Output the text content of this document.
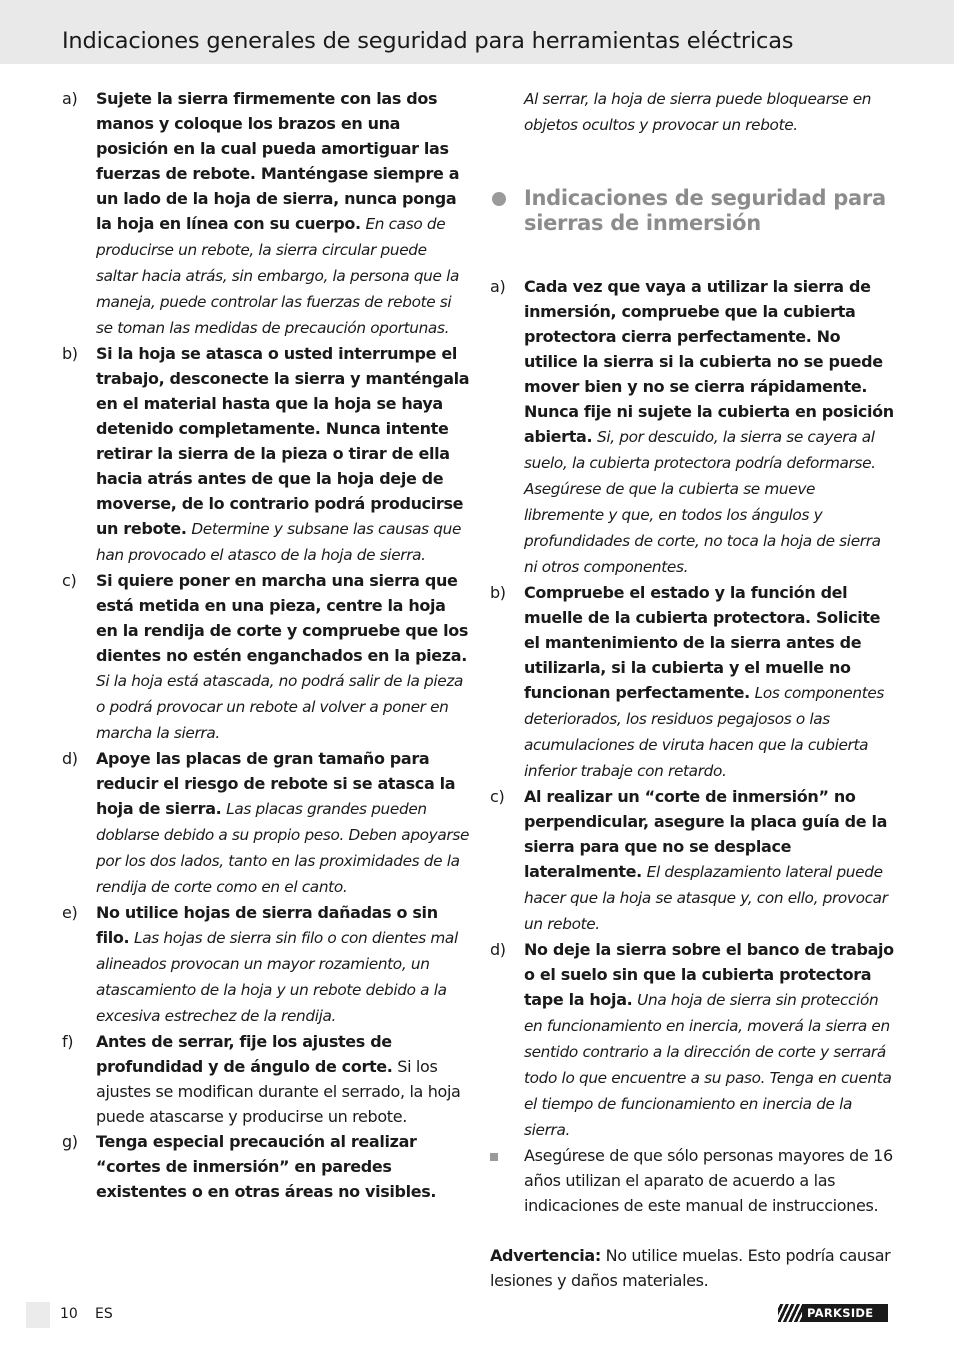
Indicaciones generales de seguridad para herramientas eléctricas
a)	Sujete la sierra firmemente con las dos manos y coloque los brazos en una posición en la cual pueda amortiguar las fuerzas de rebote. Manténgase siempre a un lado de la hoja de sierra, nunca ponga la hoja en línea con su cuerpo. En caso de producirse un rebote, la sierra circular puede saltar hacia atrás, sin embargo, la persona que la maneja, puede controlar las fuerzas de rebote si se toman las medidas de precaución oportunas.
b)	Si la hoja se atasca o usted interrumpe el trabajo, desconecte la sierra y manténgala en el material hasta que la hoja se haya detenido completamente. Nunca intente retirar la sierra de la pieza o tirar de ella hacia atrás antes de que la hoja deje de moverse, de lo contrario podrá producirse un rebote. Determine y subsane las causas que han provocado el atasco de la hoja de sierra.
c)	Si quiere poner en marcha una sierra que está metida en una pieza, centre la hoja en la rendija de corte y compruebe que los dientes no estén enganchados en la pieza. Si la hoja está atascada, no podrá salir de la pieza o podrá provocar un rebote al volver a poner en marcha la sierra.
d)	Apoye las placas de gran tamaño para reducir el riesgo de rebote si se atasca la hoja de sierra. Las placas grandes pueden doblarse debido a su propio peso. Deben apoyarse por los dos lados, tanto en las proximidades de la rendija de corte como en el canto.
e)	No utilice hojas de sierra dañadas o sin filo. Las hojas de sierra sin filo o con dientes mal alineados provocan un mayor rozamiento, un atascamiento de la hoja y un rebote debido a la excesiva estrechez de la rendija.
f)	Antes de serrar, fije los ajustes de profundidad y de ángulo de corte. Si los ajustes se modifican durante el serrado, la hoja puede atascarse y producirse un rebote.
g)	Tenga especial precaución al realizar “cortes de inmersión” en paredes existentes o en otras áreas no visibles.
Al serrar, la hoja de sierra puede bloquearse en objetos ocultos y provocar un rebote.
Indicaciones de seguridad para sierras de inmersión
a)	Cada vez que vaya a utilizar la sierra de inmersión, compruebe que la cubierta protectora cierra perfectamente. No utilice la sierra si la cubierta no se puede mover bien y no se cierra rápidamente. Nunca fije ni sujete la cubierta en posición abierta. Si, por descuido, la sierra se cayera al suelo, la cubierta protectora podría deformarse. Asegúrese de que la cubierta se mueve libremente y que, en todos los ángulos y profundidades de corte, no toca la hoja de sierra ni otros componentes.
b)	Compruebe el estado y la función del muelle de la cubierta protectora. Solicite el mantenimiento de la sierra antes de utilizarla, si la cubierta y el muelle no funcionan perfectamente. Los componentes deteriorados, los residuos pegajosos o las acumulaciones de viruta hacen que la cubierta inferior trabaje con retardo.
c)	Al realizar un “corte de inmersión” no perpendicular, asegure la placa guía de la sierra para que no se desplace lateralmente. El desplazamiento lateral puede hacer que la hoja se atasque y, con ello, provocar un rebote.
d)	No deje la sierra sobre el banco de trabajo o el suelo sin que la cubierta protectora tape la hoja. Una hoja de sierra sin protección en funcionamiento en inercia, moverá la sierra en sentido contrario a la dirección de corte y serrará todo lo que encuentre a su paso. Tenga en cuenta el tiempo de funcionamiento en inercia de la sierra.
Asegúrese de que sólo personas mayores de 16 años utilizan el aparato de acuerdo a las indicaciones de este manual de instrucciones.
Advertencia: No utilice muelas. Esto podría causar lesiones y daños materiales.
10 ES	PARKSIDE
